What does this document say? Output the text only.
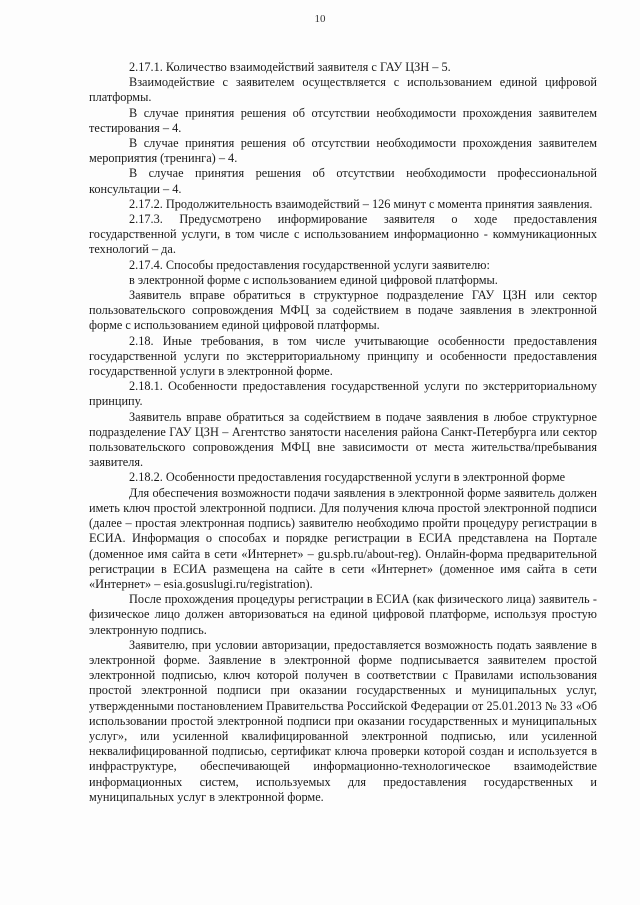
10

2.17.1. Количество взаимодействий заявителя с ГАУ ЦЗН – 5.

Взаимодействие с заявителем осуществляется с использованием единой цифровой платформы.

В случае принятия решения об отсутствии необходимости прохождения заявителем тестирования – 4.

В случае принятия решения об отсутствии необходимости прохождения заявителем мероприятия (тренинга) – 4.

В случае принятия решения об отсутствии необходимости профессиональной консультации – 4.

2.17.2. Продолжительность взаимодействий – 126 минут с момента принятия заявления.

2.17.3. Предусмотрено информирование заявителя о ходе предоставления государственной услуги, в том числе с использованием информационно - коммуникационных технологий – да.

2.17.4. Способы предоставления государственной услуги заявителю:

в электронной форме с использованием единой цифровой платформы.

Заявитель вправе обратиться в структурное подразделение ГАУ ЦЗН или сектор пользовательского сопровождения МФЦ за содействием в подаче заявления в электронной форме с использованием единой цифровой платформы.

2.18. Иные требования, в том числе учитывающие особенности предоставления государственной услуги по экстерриториальному принципу и особенности предоставления государственной услуги в электронной форме.

2.18.1. Особенности предоставления государственной услуги по экстерриториальному принципу.

Заявитель вправе обратиться за содействием в подаче заявления в любое структурное подразделение ГАУ ЦЗН – Агентство занятости населения района Санкт-Петербурга или сектор пользовательского сопровождения МФЦ вне зависимости от места жительства/пребывания заявителя.

2.18.2. Особенности предоставления государственной услуги в электронной форме

Для обеспечения возможности подачи заявления в электронной форме заявитель должен иметь ключ простой электронной подписи. Для получения ключа простой электронной подписи (далее – простая электронная подпись) заявителю необходимо пройти процедуру регистрации в ЕСИА. Информация о способах и порядке регистрации в ЕСИА представлена на Портале (доменное имя сайта в сети «Интернет» – gu.spb.ru/about-reg). Онлайн-форма предварительной регистрации в ЕСИА размещена на сайте в сети «Интернет» (доменное имя сайта в сети «Интернет» – esia.gosuslugi.ru/registration).

После прохождения процедуры регистрации в ЕСИА (как физического лица) заявитель - физическое лицо должен авторизоваться на единой цифровой платформе, используя простую электронную подпись.

Заявителю, при условии авторизации, предоставляется возможность подать заявление в электронной форме. Заявление в электронной форме подписывается заявителем простой электронной подписью, ключ которой получен в соответствии с Правилами использования простой электронной подписи при оказании государственных и муниципальных услуг, утвержденными постановлением Правительства Российской Федерации от 25.01.2013 № 33 «Об использовании простой электронной подписи при оказании государственных и муниципальных услуг», или усиленной квалифицированной электронной подписью, или усиленной неквалифицированной подписью, сертификат ключа проверки которой создан и используется в инфраструктуре, обеспечивающей информационно-технологическое взаимодействие информационных систем, используемых для предоставления государственных и муниципальных услуг в электронной форме.
